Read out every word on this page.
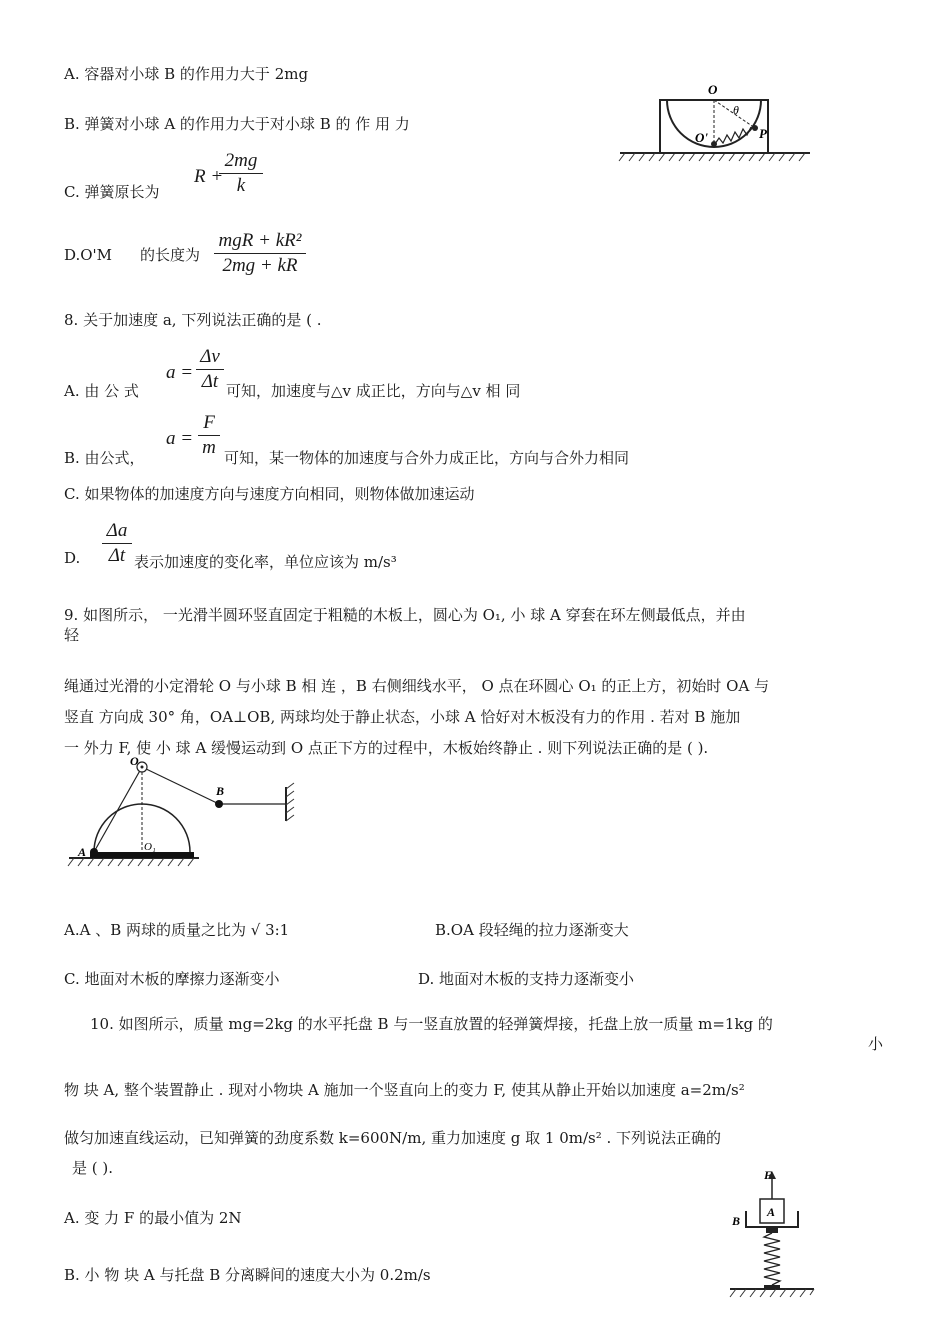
A. 容器对小球 B 的作用力大于 2mg
B. 弹簧对小球 A 的作用力大于对小球 B 的 作 用 力
C. 弹簧原长为
R +
2mg
k
D.O'M 的长度为
mgR + kR²
2mg + kR
O
θ
O'	P
8. 关于加速度 a, 下列说法正确的是 ( .
A. 由 公 式
a =
Δv
Δt 可知，加速度与△v 成正比，方向与△v 相 同
B. 由公式，
a =
F
m 可知，某一物体的加速度与合外力成正比，方向与合外力相同
C. 如果物体的加速度方向与速度方向相同，则物体做加速运动
D.
Δa
Δt 表示加速度的变化率，单位应该为 m/s³
9. 如图所示， 一光滑半圆环竖直固定于粗糙的木板上，圆心为 O₁, 小 球 A 穿套在环左侧最低点，并由
轻
绳通过光滑的小定滑轮 O 与小球 B 相 连 ，B 右侧细线水平， O 点在环圆心 O₁ 的正上方，初始时 OA 与
竖直 方向成 30° 角，OA⊥OB, 两球均处于静止状态，小球 A 恰好对木板没有力的作用 . 若对 B 施加
一 外力 F, 使 小 球 A 缓慢运动到 O 点正下方的过程中，木板始终静止 . 则下列说法正确的是 ( ).
O
B
A	O₁
A.A 、B 两球的质量之比为 √ 3:1	B.OA 段轻绳的拉力逐渐变大
C. 地面对木板的摩擦力逐渐变小	D. 地面对木板的支持力逐渐变小
10. 如图所示，质量 mg=2kg 的水平托盘 B 与一竖直放置的轻弹簧焊接，托盘上放一质量 m=1kg 的
小
物 块 A, 整个装置静止 . 现对小物块 A 施加一个竖直向上的变力 F, 使其从静止开始以加速度 a=2m/s²
做匀加速直线运动，已知弹簧的劲度系数 k=600N/m, 重力加速度 g 取 1 0m/s² . 下列说法正确的
是 ( ).
A. 变 力 F 的最小值为 2N
B. 小 物 块 A 与托盘 B 分离瞬间的速度大小为 0.2m/s
F
A
B
